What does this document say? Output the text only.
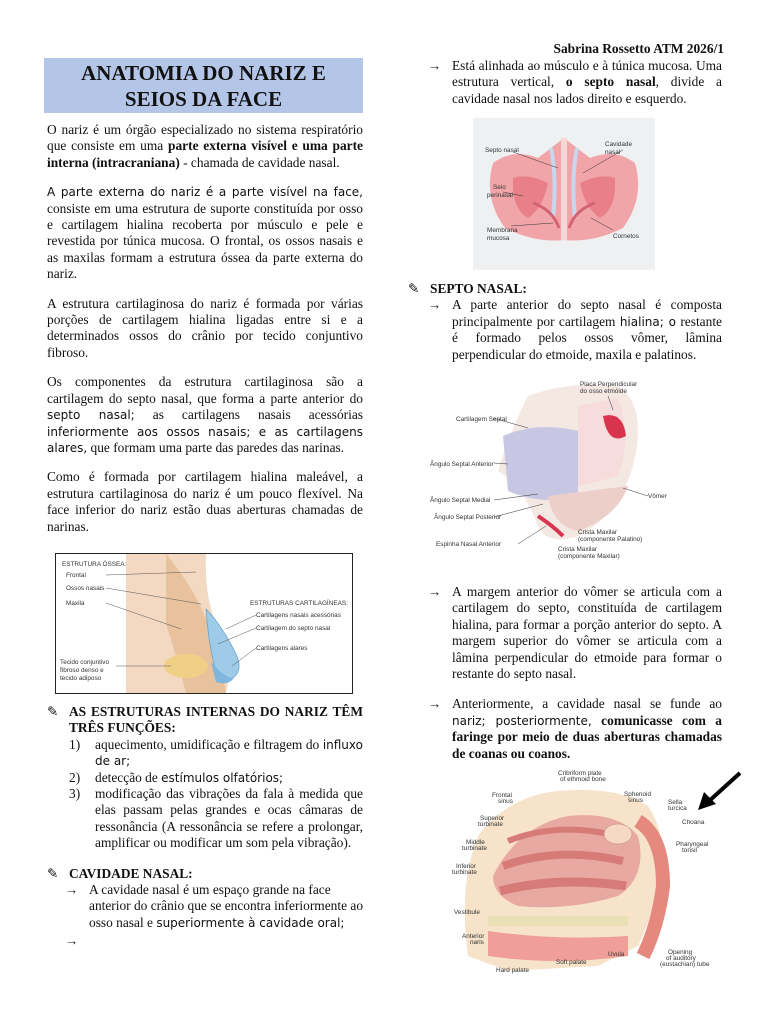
Sabrina Rossetto ATM 2026/1
ANATOMIA DO NARIZ E
SEIOS DA FACE

O nariz é um órgão especializado no sistema respiratório que consiste em uma parte externa visível e uma parte interna (intracraniana) - chamada de cavidade nasal.

A parte externa do nariz é a parte visível na face, consiste em uma estrutura de suporte constituída por osso e cartilagem hialina recoberta por músculo e pele e revestida por túnica mucosa. O frontal, os ossos nasais e as maxilas formam a estrutura óssea da parte externa do nariz.

A estrutura cartilaginosa do nariz é formada por várias porções de cartilagem hialina ligadas entre si e a determinados ossos do crânio por tecido conjuntivo fibroso.

Os componentes da estrutura cartilaginosa são a cartilagem do septo nasal, que forma a parte anterior do septo nasal; as cartilagens nasais acessórias inferiormente aos ossos nasais; e as cartilagens alares, que formam uma parte das paredes das narinas.

Como é formada por cartilagem hialina maleável, a estrutura cartilaginosa do nariz é um pouco flexível. Na face inferior do nariz estão duas aberturas chamadas de narinas.

ESTRUTURA ÓSSEA:
Frontal
Ossos nasais
Maxila	ESTRUTURAS CARTILAGÍNEAS:
Cartilagens nasais acessórias
Cartilagem do septo nasal
Cartilagens alares
Tecido conjuntivo
fibroso denso e
tecido adiposo
✎ AS ESTRUTURAS INTERNAS DO NARIZ TÊM TRÊS FUNÇÕES:
1)	aquecimento, umidificação e filtragem do influxo de ar;
2)	detecção de estímulos olfatórios;
3)	modificação das vibrações da fala à medida que elas passam pelas grandes e ocas câmaras de ressonância (A ressonância se refere a prolongar, amplificar ou modificar um som pela vibração).
✎ CAVIDADE NASAL:
→ A cavidade nasal é um espaço grande na face anterior do crânio que se encontra inferiormente ao osso nasal e superiormente à cavidade oral;
→
→ Está alinhada ao músculo e à túnica mucosa. Uma estrutura vertical, o septo nasal, divide a cavidade nasal nos lados direito e esquerdo.
Septo nasal
Cavidade
nasal
Seio
perinasal
Membrana
mucosa	Cornetos
✎ SEPTO NASAL:
→ A parte anterior do septo nasal é composta principalmente por cartilagem hialina; o restante é formado pelos ossos vômer, lâmina perpendicular do etmoide, maxila e palatinos.
Placa Perpendicular
do osso etmóide
Cartilagem Septal
Ângulo Septal Anterior
Ângulo Septal Medial
Ângulo Septal Posterior
Espinha Nasal Anterior
Vômer
Crista Maxilar
(componente Palatino)
Crista Maxilar
(componente Maxilar)
→ A margem anterior do vômer se articula com a cartilagem do septo, constituída de cartilagem hialina, para formar a porção anterior do septo. A margem superior do vômer se articula com a lâmina perpendicular do etmoide para formar o restante do septo nasal.
→ Anteriormente, a cavidade nasal se funde ao nariz; posteriormente, comunicasse com a faringe por meio de duas aberturas chamadas de coanas ou coanos.
Cribriform plate
of ethmoid bone
Sphenoid
sinus
Frontal
sinus	Sella
turcica
Superior
turbinate	Choana
Middle
turbinate
Pharyngeal
tonsil
Inferior
turbinate
Vestibule
Anterior
naris
Uvula	Opening
of auditory
(eustachian) tube
Soft palate
Hard palate
